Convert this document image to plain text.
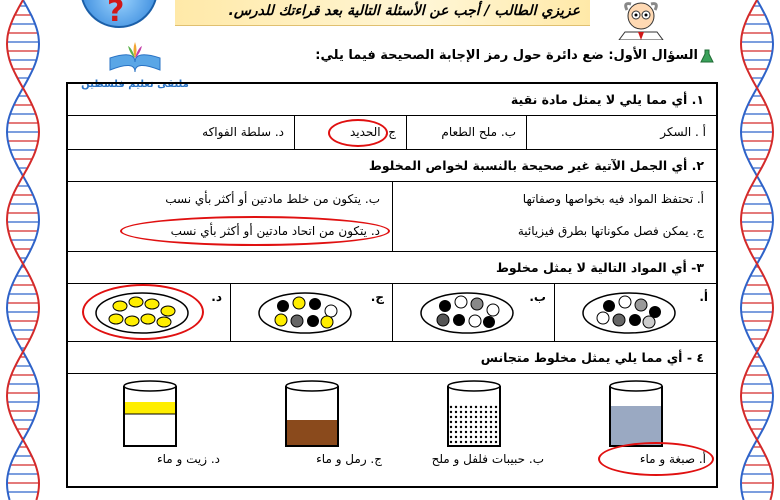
?	عزيزي الطالب / أجب عن الأسئلة التالية بعد قراءتك للدرس.
ملتقى تعليم فلسطين
السؤال الأول: ضع دائرة حول رمز الإجابة الصحيحة فيما يلي:
١. أي مما يلي لا يمثل مادة نقية
أ . السكر
ب. ملح الطعام
ج. الحديد
د. سلطة الفواكه
٢. أي الجمل الآتية غير صحيحة بالنسبة لخواص المخلوط
أ. تحتفظ المواد فيه بخواصها وصفاتها
ج. يمكن فصل مكوناتها بطرق فيزيائية
ب. يتكون من خلط مادتين أو أكثر بأي نسب
د. يتكون من اتحاد مادتين أو أكثر بأي نسب
٣- أي المواد التالية لا يمثل مخلوط
أ.
ب.
ج.
د.
٤ - أي مما يلي يمثل مخلوط متجانس
أ. صبغة و ماء
ب. حبيبات فلفل و ملح
ج. رمل و ماء
د. زيت و ماء
